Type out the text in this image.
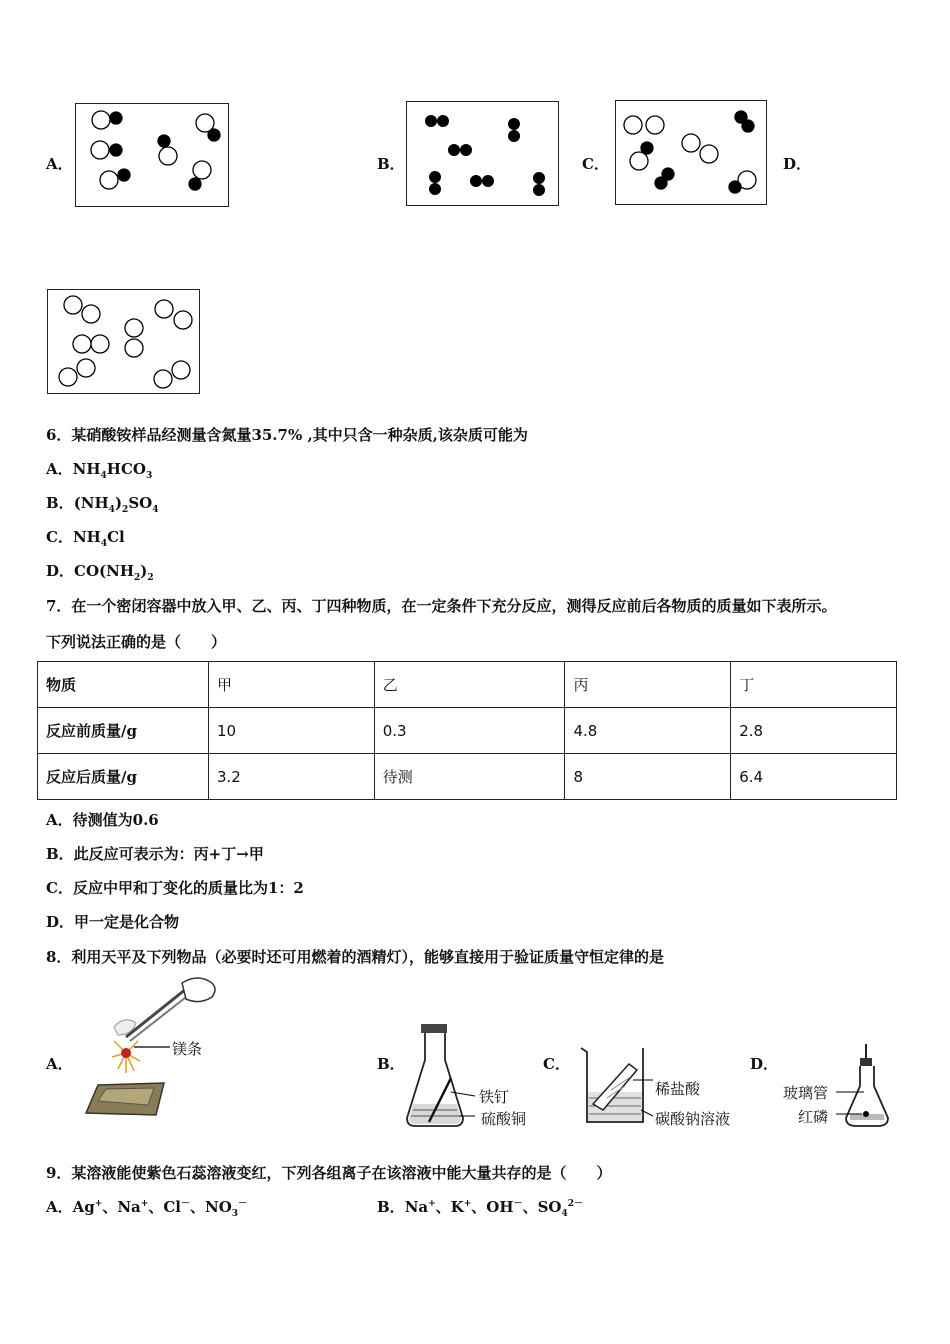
A．	B．	C．	D．
6．某硝酸铵样品经测量含氮量35.7% ,其中只含一种杂质,该杂质可能为
A．$NH_4HCO_3$
B．$(NH_4)_2SO_4$
C．$NH_4Cl$
D．$CO(NH_2)_2$
7．在一个密闭容器中放入甲、乙、丙、丁四种物质，在一定条件下充分反应，测得反应前后各物质的质量如下表所示。
下列说法正确的是（　　）
物质	甲	乙	丙	丁
反应前质量/g	10	0.3	4.8	2.8
反应后质量/g	3.2	待测	8	6.4
A．待测值为0.6
B．此反应可表示为：丙+丁→甲
C．反应中甲和丁变化的质量比为1：2
D．甲一定是化合物
8．利用天平及下列物品（必要时还可用燃着的酒精灯），能够直接用于验证质量守恒定律的是
A．
镁条
B．
铁钉
硫酸铜
C．
稀盐酸
碳酸钠溶液
D．
玻璃管
红磷
9．某溶液能使紫色石蕊溶液变红，下列各组离子在该溶液中能大量共存的是（　　）
A．Ag+、Na+、Cl－、$NO_3^-$	B．Na+、K+、OH－、$SO_4^{2-}$
